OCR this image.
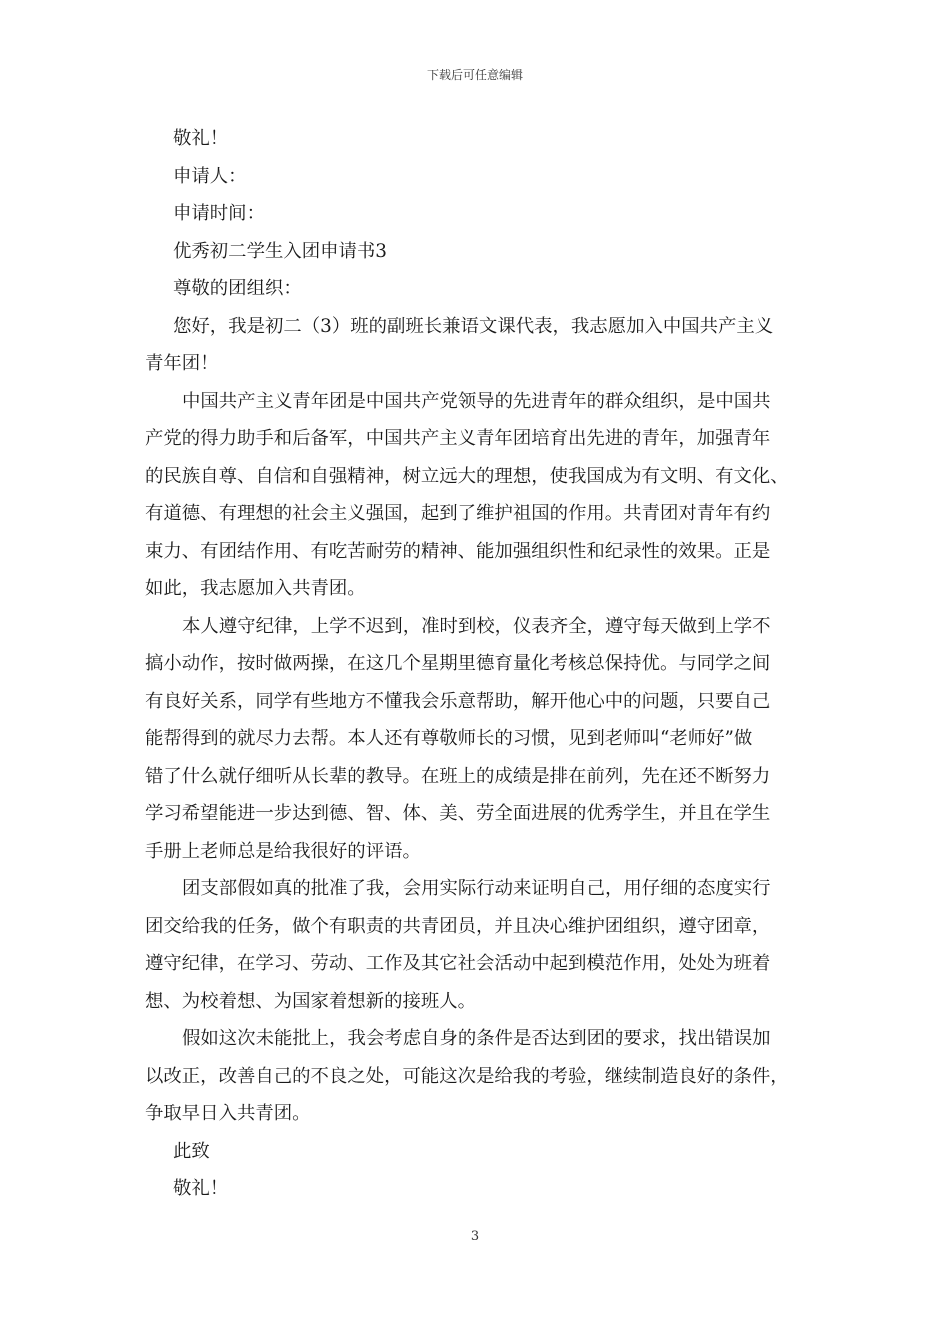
下载后可任意编辑

敬礼！

申请人：

申请时间：

优秀初二学生入团申请书3

尊敬的团组织：

您好，我是初二（3）班的副班长兼语文课代表，我志愿加入中国共产主义

青年团！

中国共产主义青年团是中国共产党领导的先进青年的群众组织，是中国共

产党的得力助手和后备军，中国共产主义青年团培育出先进的青年，加强青年

的民族自尊、自信和自强精神，树立远大的理想，使我国成为有文明、有文化、

有道德、有理想的社会主义强国，起到了维护祖国的作用。共青团对青年有约

束力、有团结作用、有吃苦耐劳的精神、能加强组织性和纪录性的效果。正是

如此，我志愿加入共青团。

本人遵守纪律，上学不迟到，准时到校，仪表齐全，遵守每天做到上学不

搞小动作，按时做两操，在这几个星期里德育量化考核总保持优。与同学之间

有良好关系，同学有些地方不懂我会乐意帮助，解开他心中的问题，只要自己

能帮得到的就尽力去帮。本人还有尊敬师长的习惯，见到老师叫“老师好”做

错了什么就仔细听从长辈的教导。在班上的成绩是排在前列，先在还不断努力

学习希望能进一步达到德、智、体、美、劳全面进展的优秀学生，并且在学生

手册上老师总是给我很好的评语。

团支部假如真的批准了我，会用实际行动来证明自己，用仔细的态度实行

团交给我的任务，做个有职责的共青团员，并且决心维护团组织，遵守团章，

遵守纪律，在学习、劳动、工作及其它社会活动中起到模范作用，处处为班着

想、为校着想、为国家着想新的接班人。

假如这次未能批上，我会考虑自身的条件是否达到团的要求，找出错误加

以改正，改善自己的不良之处，可能这次是给我的考验，继续制造良好的条件，

争取早日入共青团。

此致

敬礼！

3
